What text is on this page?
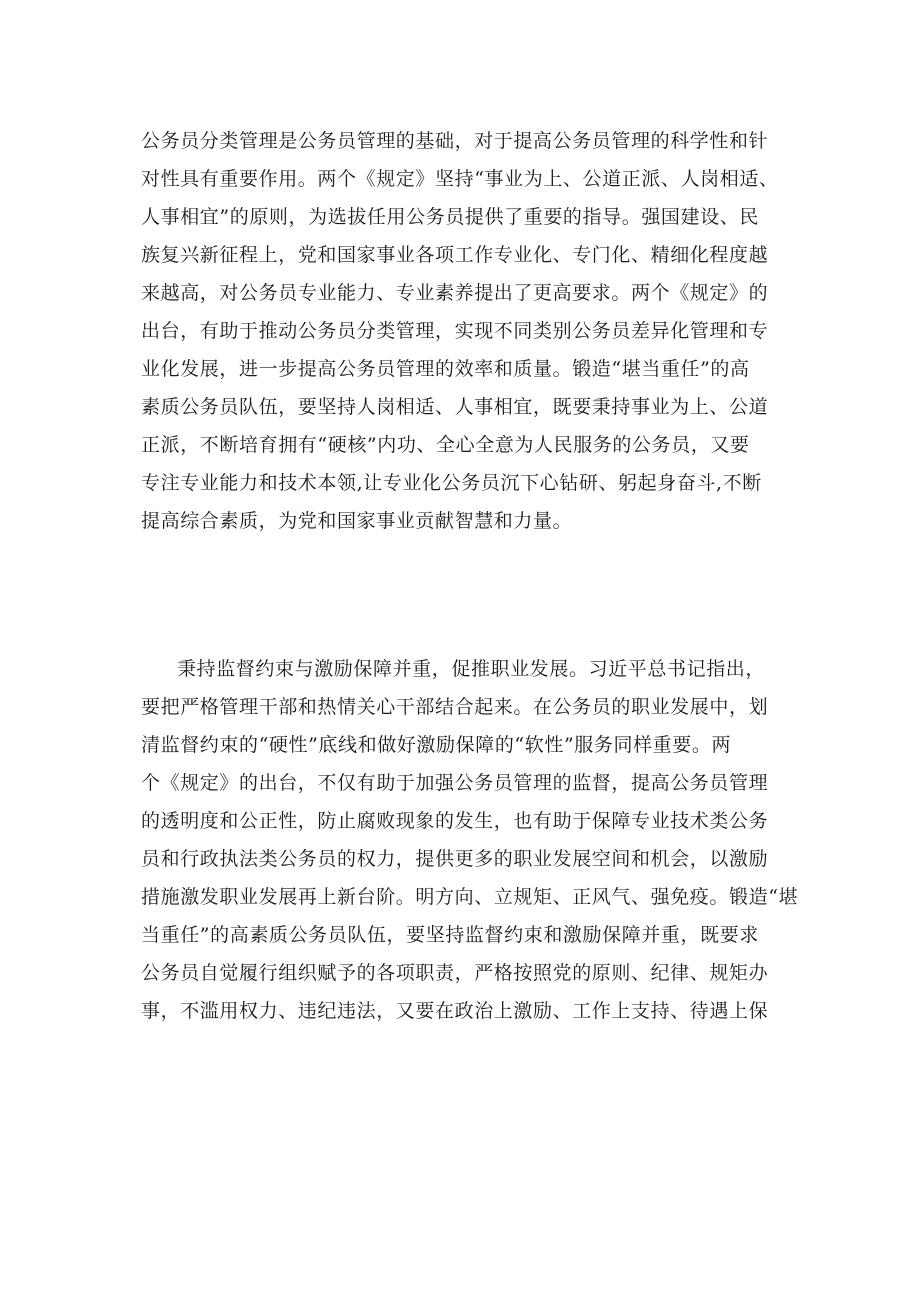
公务员分类管理是公务员管理的基础，对于提高公务员管理的科学性和针
对性具有重要作用。两个《规定》坚持“事业为上、公道正派、人岗相适、
人事相宜”的原则，为选拔任用公务员提供了重要的指导。强国建设、民
族复兴新征程上，党和国家事业各项工作专业化、专门化、精细化程度越
来越高，对公务员专业能力、专业素养提出了更高要求。两个《规定》的
出台，有助于推动公务员分类管理，实现不同类别公务员差异化管理和专
业化发展，进一步提高公务员管理的效率和质量。锻造“堪当重任”的高
素质公务员队伍，要坚持人岗相适、人事相宜，既要秉持事业为上、公道
正派，不断培育拥有“硬核”内功、全心全意为人民服务的公务员，又要
专注专业能力和技术本领,让专业化公务员沉下心钻研、躬起身奋斗,不断
提高综合素质，为党和国家事业贡献智慧和力量。
秉持监督约束与激励保障并重，促推职业发展。习近平总书记指出，
要把严格管理干部和热情关心干部结合起来。在公务员的职业发展中，划
清监督约束的“硬性”底线和做好激励保障的“软性”服务同样重要。两
个《规定》的出台，不仅有助于加强公务员管理的监督，提高公务员管理
的透明度和公正性，防止腐败现象的发生，也有助于保障专业技术类公务
员和行政执法类公务员的权力，提供更多的职业发展空间和机会，以激励
措施激发职业发展再上新台阶。明方向、立规矩、正风气、强免疫。锻造“堪
当重任”的高素质公务员队伍，要坚持监督约束和激励保障并重，既要求
公务员自觉履行组织赋予的各项职责，严格按照党的原则、纪律、规矩办
事，不滥用权力、违纪违法，又要在政治上激励、工作上支持、待遇上保
